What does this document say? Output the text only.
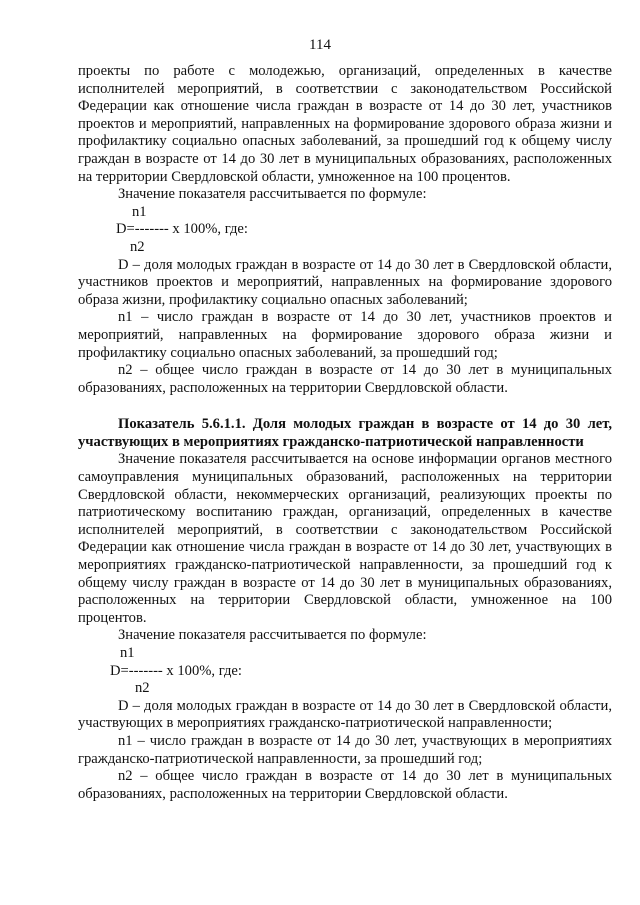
114

проекты по работе с молодежью, организаций, определенных в качестве исполнителей мероприятий, в соответствии с законодательством Российской Федерации как отношение числа граждан в возрасте от 14 до 30 лет, участников проектов и мероприятий, направленных на формирование здорового образа жизни и профилактику социально опасных заболеваний, за прошедший год к общему числу граждан в возрасте от 14 до 30 лет в муниципальных образованиях, расположенных на территории Свердловской области, умноженное на 100 процентов.

Значение показателя рассчитывается по формуле:

n1
D=------- х 100%, где:
n2

D – доля молодых граждан в возрасте от 14 до 30 лет в Свердловской области, участников проектов и мероприятий, направленных на формирование здорового образа жизни, профилактику социально опасных заболеваний;

n1 – число граждан в возрасте от 14 до 30 лет, участников проектов и мероприятий, направленных на формирование здорового образа жизни и профилактику социально опасных заболеваний, за прошедший год;

n2 – общее число граждан в возрасте от 14 до 30 лет в муниципальных образованиях, расположенных на территории Свердловской области.

Показатель 5.6.1.1. Доля молодых граждан в возрасте от 14 до 30 лет, участвующих в мероприятиях гражданско-патриотической направленности

Значение показателя рассчитывается на основе информации органов местного самоуправления муниципальных образований, расположенных на территории Свердловской области, некоммерческих организаций, реализующих проекты по патриотическому воспитанию граждан, организаций, определенных в качестве исполнителей мероприятий, в соответствии с законодательством Российской Федерации как отношение числа граждан в возрасте от 14 до 30 лет, участвующих в мероприятиях гражданско-патриотической направленности, за прошедший год к общему числу граждан в возрасте от 14 до 30 лет в муниципальных образованиях, расположенных на территории Свердловской области, умноженное на 100 процентов.

Значение показателя рассчитывается по формуле:

n1
D=------- х 100%, где:
n2

D – доля молодых граждан в возрасте от 14 до 30 лет в Свердловской области, участвующих в мероприятиях гражданско-патриотической направленности;

n1 – число граждан в возрасте от 14 до 30 лет, участвующих в мероприятиях гражданско-патриотической направленности, за прошедший год;

n2 – общее число граждан в возрасте от 14 до 30 лет в муниципальных образованиях, расположенных на территории Свердловской области.
